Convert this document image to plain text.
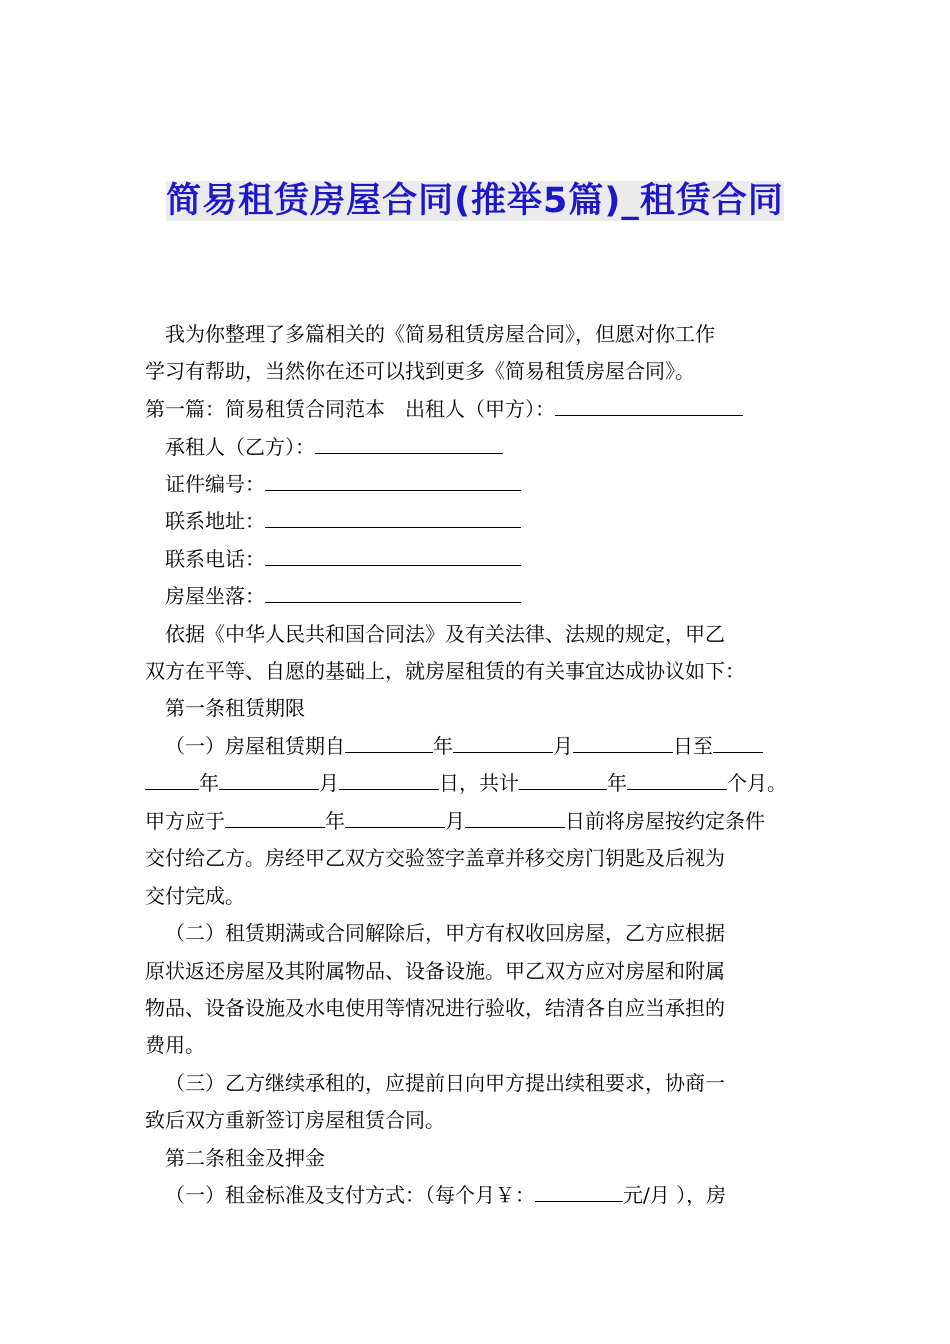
简易租赁房屋合同(推举5篇)_租赁合同
我为你整理了多篇相关的《简易租赁房屋合同》，但愿对你工作
学习有帮助，当然你在还可以找到更多《简易租赁房屋合同》。
第一篇：简易租赁合同范本　出租人（甲方）：
承租人（乙方）：
证件编号：
联系地址：
联系电话：
房屋坐落：
依据《中华人民共和国合同法》及有关法律、法规的规定，甲乙
双方在平等、自愿的基础上，就房屋租赁的有关事宜达成协议如下：
第一条租赁期限
（一）房屋租赁期自	年	月	日至
年	月	日，共计	年	个月。
甲方应于	年	月	日前将房屋按约定条件
交付给乙方。房经甲乙双方交验签字盖章并移交房门钥匙及后视为
交付完成。
（二）租赁期满或合同解除后，甲方有权收回房屋，乙方应根据
原状返还房屋及其附属物品、设备设施。甲乙双方应对房屋和附属
物品、设备设施及水电使用等情况进行验收，结清各自应当承担的
费用。
（三）乙方继续承租的，应提前日向甲方提出续租要求，协商一
致后双方重新签订房屋租赁合同。
第二条租金及押金
（一）租金标准及支付方式：（每个月￥：	元/月 ），房
